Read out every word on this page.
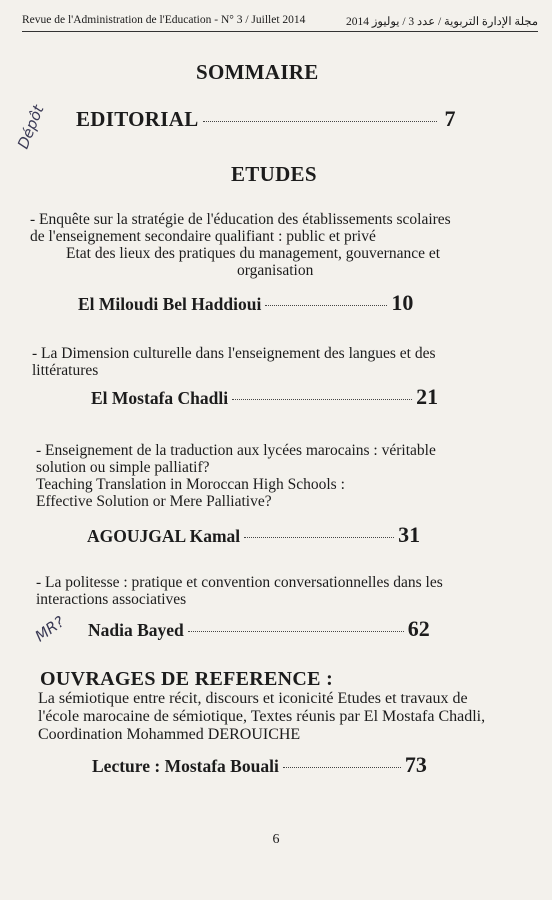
Revue de l'Administration de l'Education - N° 3 / Juillet 2014	مجلة الإدارة التربوية / عدد 3 / يوليوز 2014
SOMMAIRE
Dépôt EDITORIAL	7
ETUDES
- Enquête sur la stratégie de l'éducation des établissements scolaires
de l'enseignement secondaire qualifiant : public et privé
Etat des lieux des pratiques du management, gouvernance et
organisation
El Miloudi Bel Haddioui	10
- La Dimension culturelle dans l'enseignement des langues et des
littératures
El Mostafa Chadli	21
- Enseignement de la traduction aux lycées marocains : véritable
solution ou simple palliatif?
Teaching Translation in Moroccan High Schools :
Effective Solution or Mere Palliative?
AGOUJGAL Kamal	31
- La politesse : pratique et convention conversationnelles dans les
interactions associatives
MR? Nadia Bayed	62
OUVRAGES DE REFERENCE :
La sémiotique entre récit, discours et iconicité Etudes et travaux de
l'école marocaine de sémiotique, Textes réunis par El Mostafa Chadli,
Coordination Mohammed DEROUICHE
Lecture : Mostafa Bouali	73
6
